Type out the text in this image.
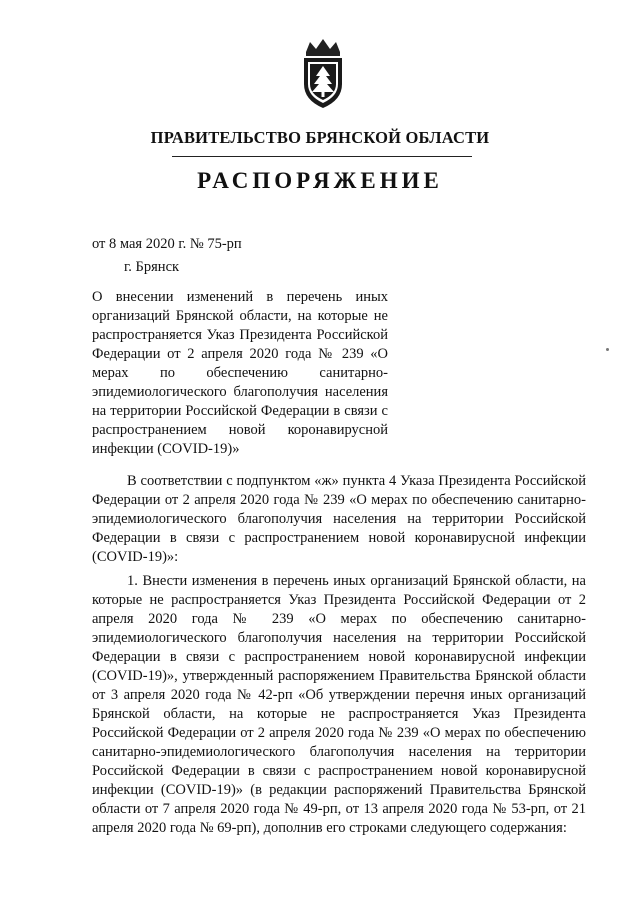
ПРАВИТЕЛЬСТВО БРЯНСКОЙ ОБЛАСТИ
РАСПОРЯЖЕНИЕ
от 8 мая 2020 г. № 75-рп
г. Брянск
О внесении изменений в перечень иных организаций Брянской области, на которые не распространяется Указ Президента Российской Федерации от 2 апреля 2020 года № 239 «О мерах по обеспечению санитарно-эпидемиологического благополучия населения на территории Российской Федерации в связи с распространением новой коронавирусной инфекции (COVID-19)»
В соответствии с подпунктом «ж» пункта 4 Указа Президента Российской Федерации от 2 апреля 2020 года № 239 «О мерах по обеспечению санитарно-эпидемиологического благополучия населения на территории Российской Федерации в связи с распространением новой коронавирусной инфекции (COVID-19)»:
1. Внести изменения в перечень иных организаций Брянской области, на которые не распространяется Указ Президента Российской Федерации от 2 апреля 2020 года № 239 «О мерах по обеспечению санитарно-эпидемиологического благополучия населения на территории Российской Федерации в связи с распространением новой коронавирусной инфекции (COVID-19)», утвержденный распоряжением Правительства Брянской области от 3 апреля 2020 года № 42-рп «Об утверждении перечня иных организаций Брянской области, на которые не распространяется Указ Президента Российской Федерации от 2 апреля 2020 года № 239 «О мерах по обеспечению санитарно-эпидемиологического благополучия населения на территории Российской Федерации в связи с распространением новой коронавирусной инфекции (COVID-19)» (в редакции распоряжений Правительства Брянской области от 7 апреля 2020 года № 49-рп, от 13 апреля 2020 года № 53-рп, от 21 апреля 2020 года № 69-рп), дополнив его строками следующего содержания:
